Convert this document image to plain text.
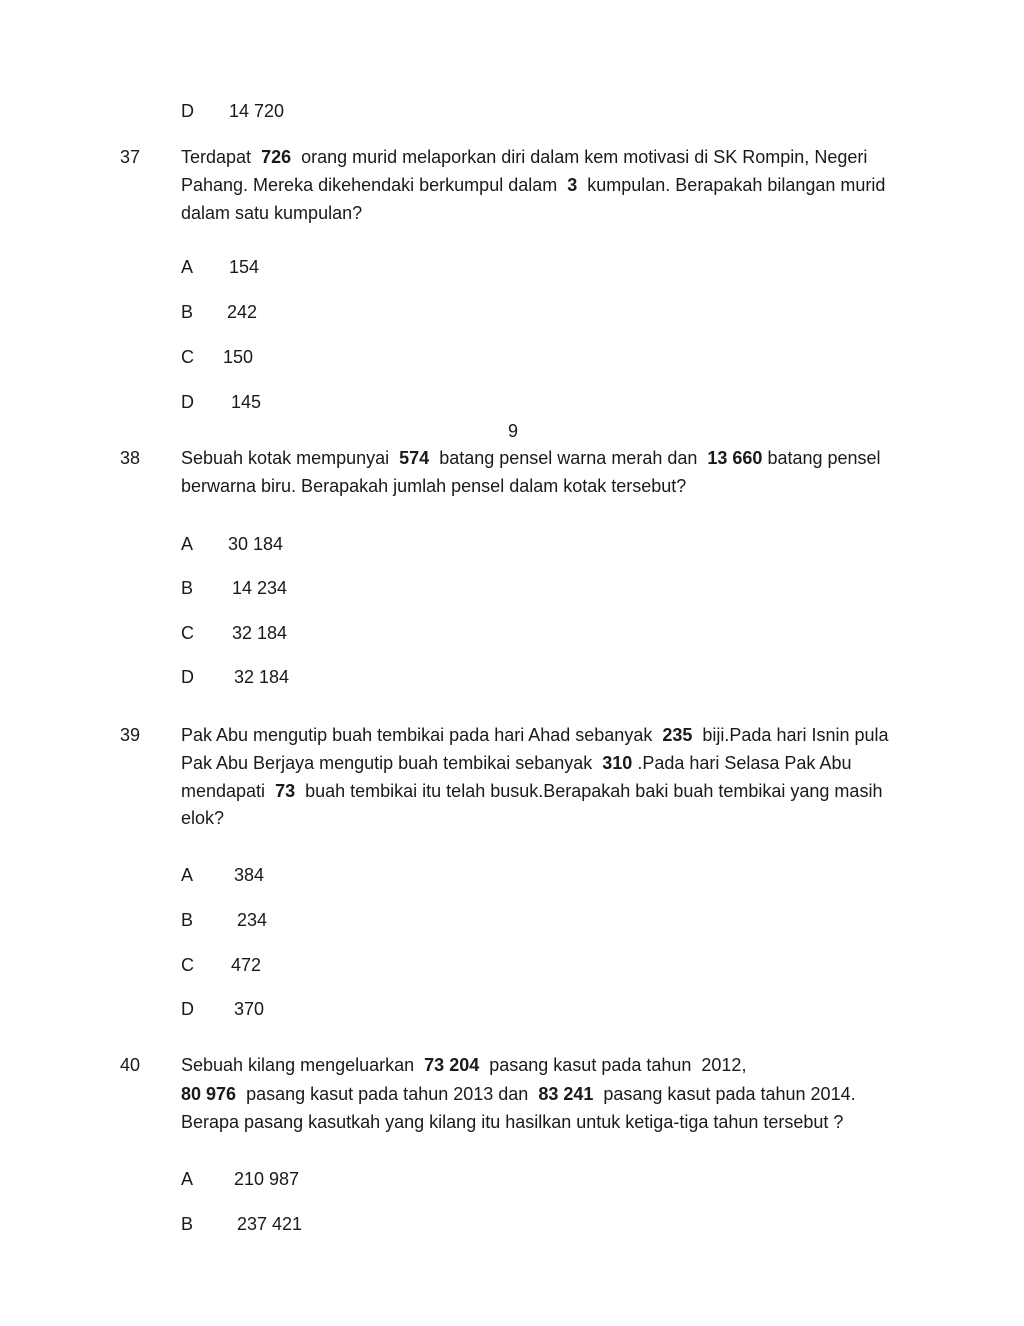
D 14 720
9
37 Terdapat  726  orang murid melaporkan diri dalam kem motivasi di SK Rompin, Negeri
Pahang. Mereka dikehendaki berkumpul dalam  3  kumpulan. Berapakah bilangan murid
dalam satu kumpulan?
A 154
B 242
C 150
D 145
38 Sebuah kotak mempunyai  574  batang pensel warna merah dan  13 660 batang pensel
berwarna biru. Berapakah jumlah pensel dalam kotak tersebut?
A 30 184
B 14 234
C 32 184
D 32 184
39 Pak Abu mengutip buah tembikai pada hari Ahad sebanyak  235  biji.Pada hari Isnin pula
Pak Abu Berjaya mengutip buah tembikai sebanyak  310 .Pada hari Selasa Pak Abu
mendapati  73  buah tembikai itu telah busuk.Berapakah baki buah tembikai yang masih
elok?
A 384
B 234
C 472
D 370
40 Sebuah kilang mengeluarkan  73 204  pasang kasut pada tahun  2012,
80 976  pasang kasut pada tahun 2013 dan  83 241  pasang kasut pada tahun 2014.
Berapa pasang kasutkah yang kilang itu hasilkan untuk ketiga-tiga tahun tersebut ?
A 210 987
B 237 421
